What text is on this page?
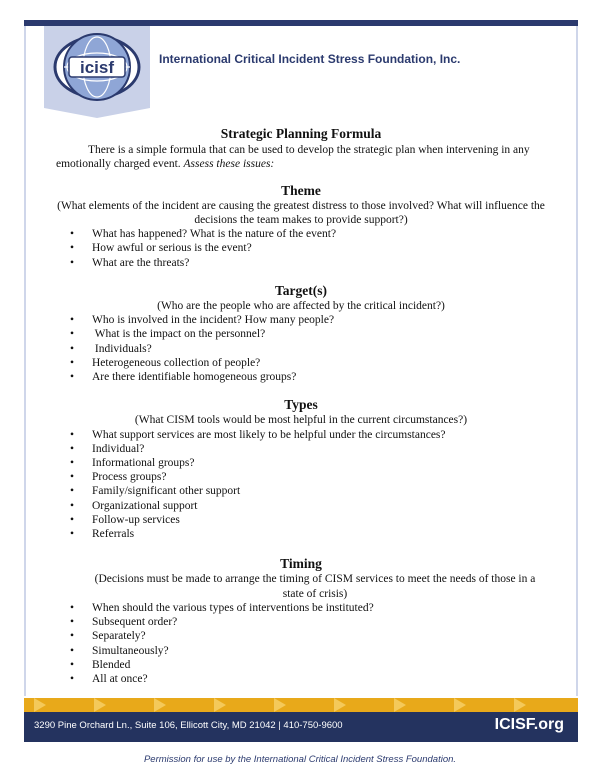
icisf	International Critical Incident Stress Foundation, Inc.
Strategic Planning Formula

There is a simple formula that can be used to develop the strategic plan when intervening in any emotionally charged event. Assess these issues:

Theme

(What elements of the incident are causing the greatest distress to those involved? What will influence the decisions the team makes to provide support?)

• What has happened? What is the nature of the event?
• How awful or serious is the event?
• What are the threats?
Target(s)

(Who are the people who are affected by the critical incident?)

• Who is involved in the incident? How many people?
•  What is the impact on the personnel?
•  Individuals?
• Heterogeneous collection of people?
• Are there identifiable homogeneous groups?
Types

(What CISM tools would be most helpful in the current circumstances?)

• What support services are most likely to be helpful under the circumstances?
• Individual?
• Informational groups?
• Process groups?
• Family/significant other support
• Organizational support
• Follow-up services
• Referrals
Timing

(Decisions must be made to arrange the timing of CISM services to meet the needs of those in a state of crisis)

• When should the various types of interventions be instituted?
• Subsequent order?
• Separately?
• Simultaneously?
• Blended
• All at once?
3290 Pine Orchard Ln., Suite 106, Ellicott City, MD 21042 | 410-750-9600	ICISF.org
Permission for use by the International Critical Incident Stress Foundation.
